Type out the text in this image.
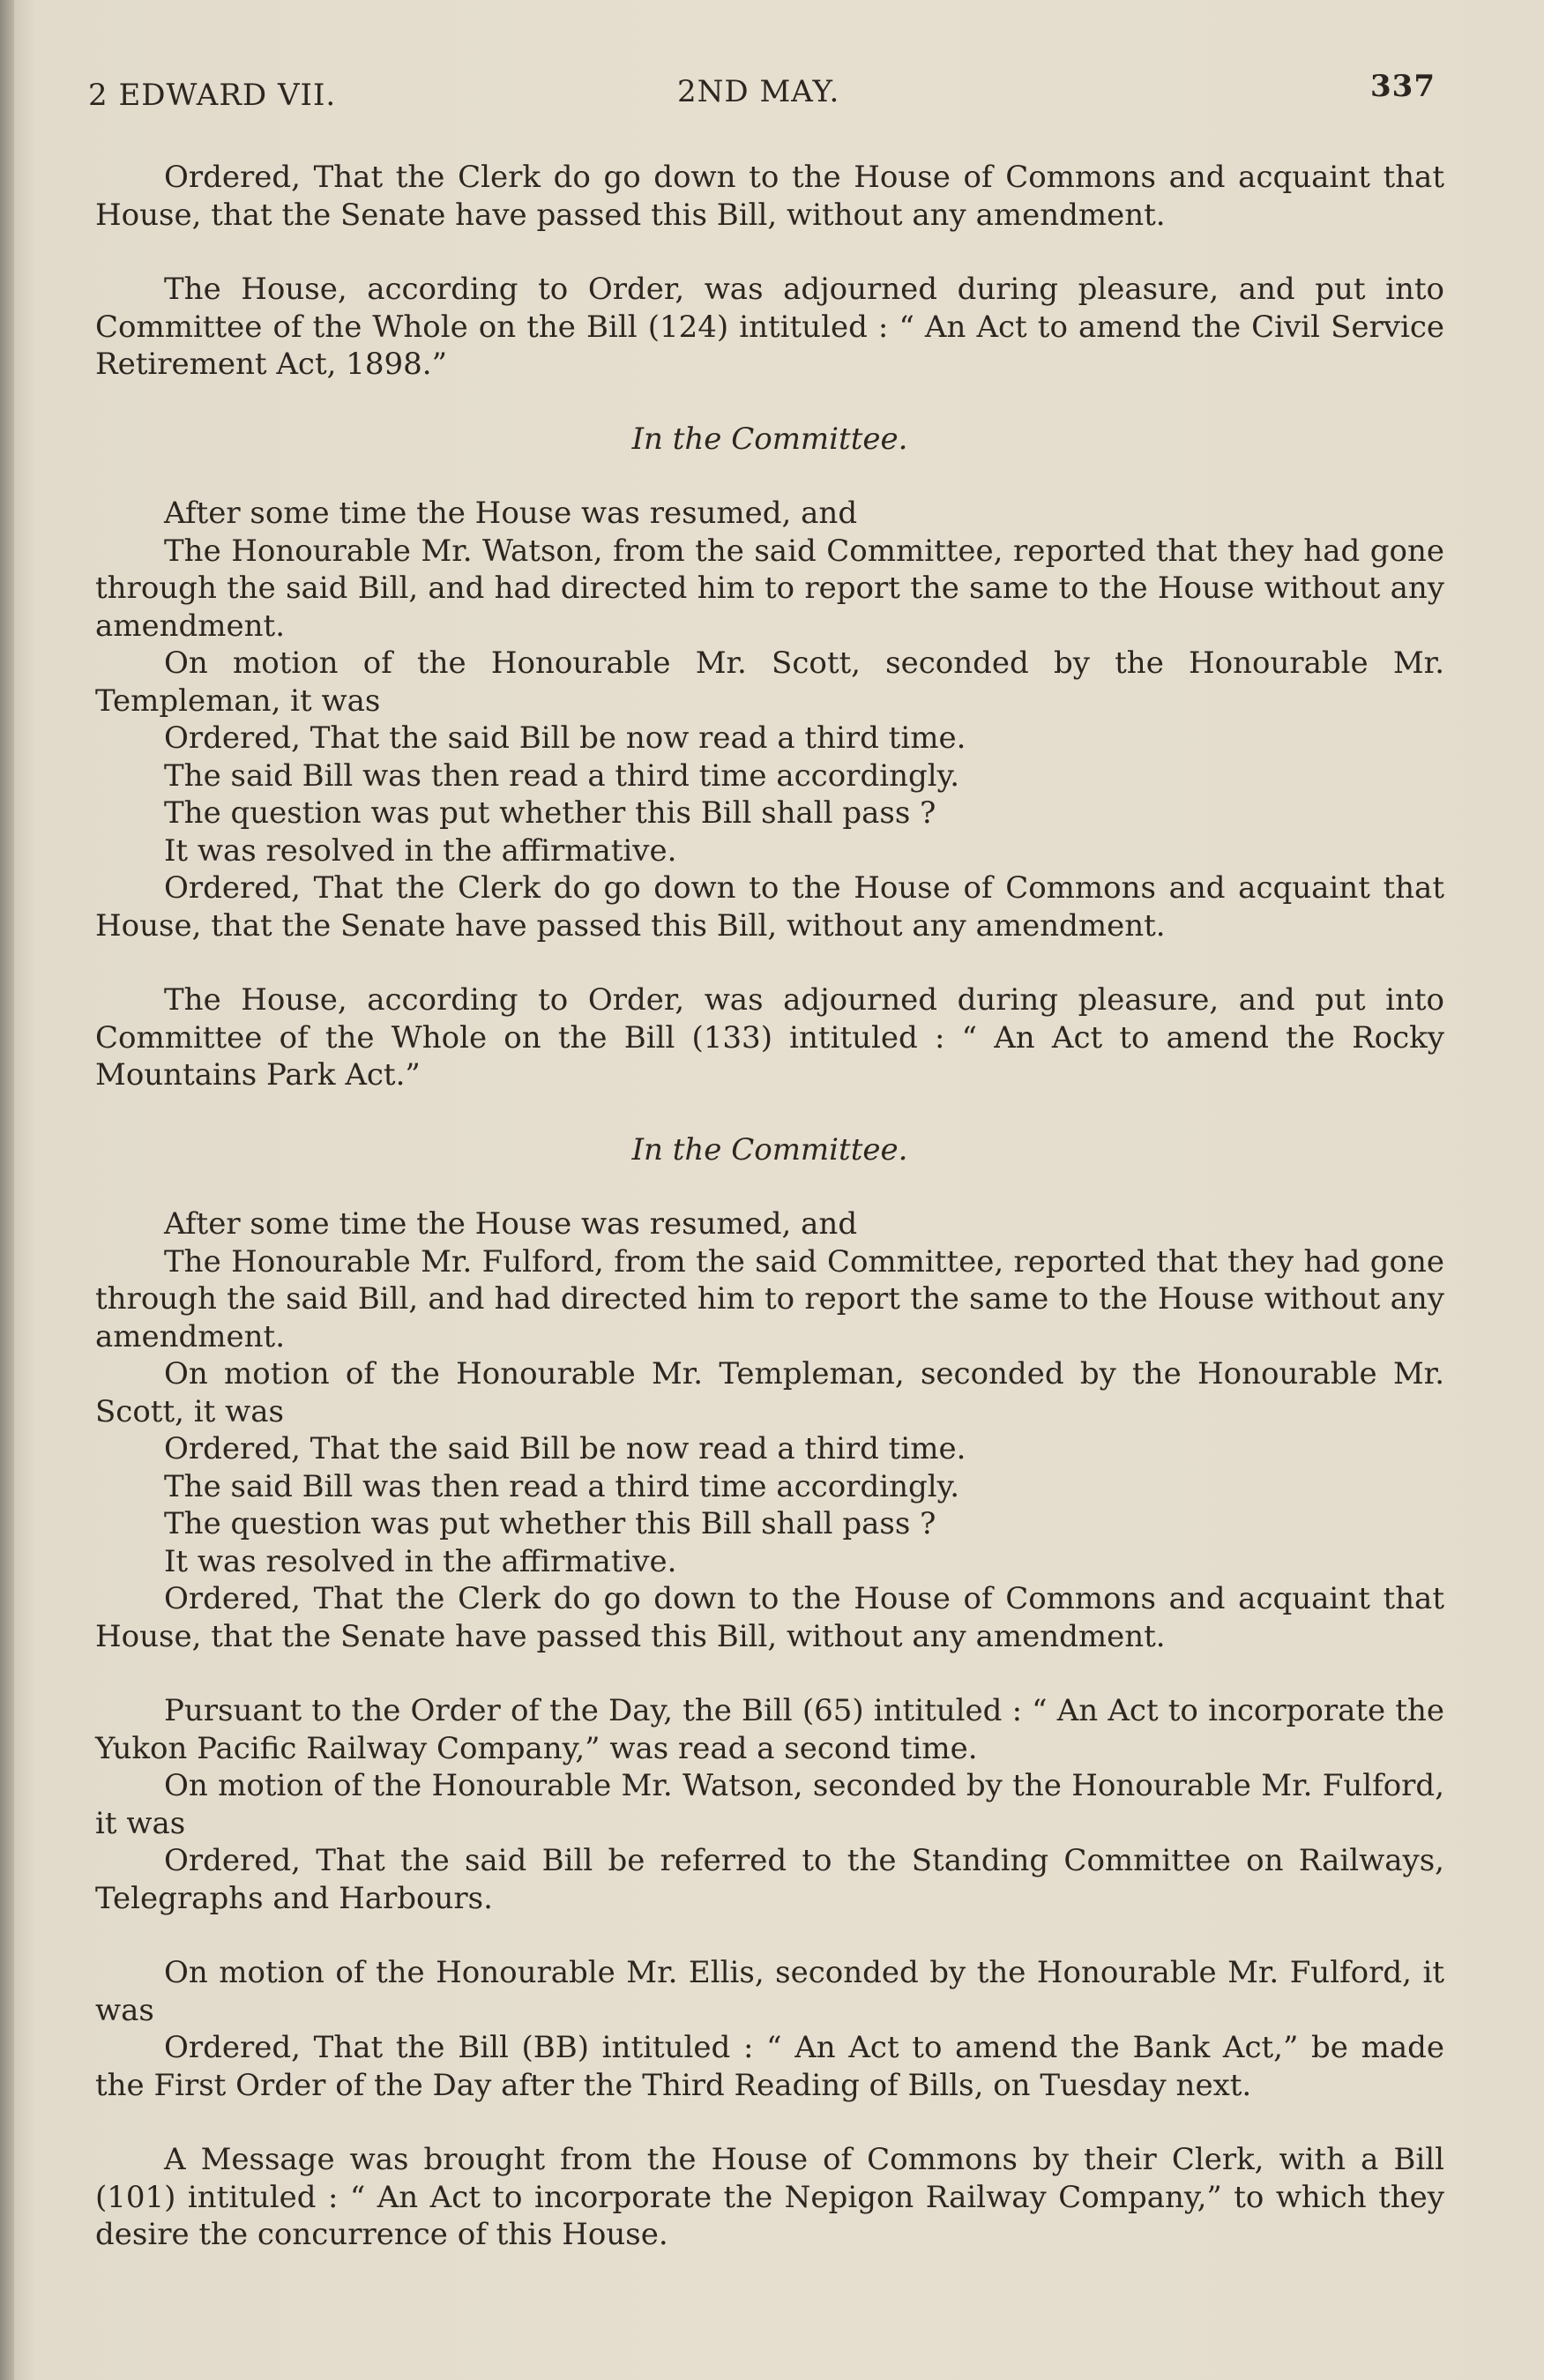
2 EDWARD VII.	2ND MAY.	337

Ordered, That the Clerk do go down to the House of Commons and acquaint that House, that the Senate have passed this Bill, without any amendment.

The House, according to Order, was adjourned during pleasure, and put into Committee of the Whole on the Bill (124) intituled : “ An Act to amend the Civil Service Retirement Act, 1898.”

In the Committee.

After some time the House was resumed, and

The Honourable Mr. Watson, from the said Committee, reported that they had gone through the said Bill, and had directed him to report the same to the House without any amendment.

On motion of the Honourable Mr. Scott, seconded by the Honourable Mr. Templeman, it was

Ordered, That the said Bill be now read a third time.

The said Bill was then read a third time accordingly.

The question was put whether this Bill shall pass ?

It was resolved in the affirmative.

Ordered, That the Clerk do go down to the House of Commons and acquaint that House, that the Senate have passed this Bill, without any amendment.

The House, according to Order, was adjourned during pleasure, and put into Committee of the Whole on the Bill (133) intituled : “ An Act to amend the Rocky Mountains Park Act.”

In the Committee.

After some time the House was resumed, and

The Honourable Mr. Fulford, from the said Committee, reported that they had gone through the said Bill, and had directed him to report the same to the House without any amendment.

On motion of the Honourable Mr. Templeman, seconded by the Honourable Mr. Scott, it was

Ordered, That the said Bill be now read a third time.

The said Bill was then read a third time accordingly.

The question was put whether this Bill shall pass ?

It was resolved in the affirmative.

Ordered, That the Clerk do go down to the House of Commons and acquaint that House, that the Senate have passed this Bill, without any amendment.

Pursuant to the Order of the Day, the Bill (65) intituled : “ An Act to incorporate the Yukon Pacific Railway Company,” was read a second time.

On motion of the Honourable Mr. Watson, seconded by the Honourable Mr. Fulford, it was

Ordered, That the said Bill be referred to the Standing Committee on Railways, Telegraphs and Harbours.

On motion of the Honourable Mr. Ellis, seconded by the Honourable Mr. Fulford, it was

Ordered, That the Bill (BB) intituled : “ An Act to amend the Bank Act,” be made the First Order of the Day after the Third Reading of Bills, on Tuesday next.

A Message was brought from the House of Commons by their Clerk, with a Bill (101) intituled : “ An Act to incorporate the Nepigon Railway Company,” to which they desire the concurrence of this House.
